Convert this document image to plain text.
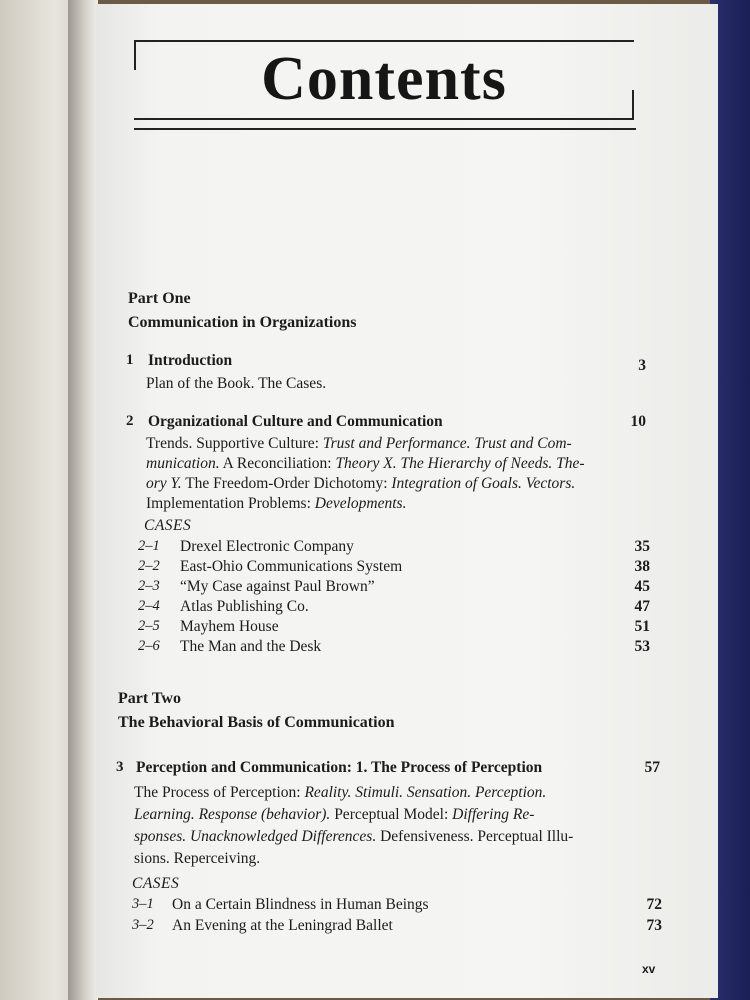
Contents
Part One
Communication in Organizations
1 Introduction	3
Plan of the Book. The Cases.
2 Organizational Culture and Communication	10
Trends. Supportive Culture: Trust and Performance. Trust and Com-
munication. A Reconciliation: Theory X. The Hierarchy of Needs. The-
ory Y. The Freedom-Order Dichotomy: Integration of Goals. Vectors.
Implementation Problems: Developments.
CASES
2–1 Drexel Electronic Company	35
2–2 East-Ohio Communications System	38
2–3 “My Case against Paul Brown”	45
2–4 Atlas Publishing Co.	47
2–5 Mayhem House	51
2–6 The Man and the Desk	53
Part Two
The Behavioral Basis of Communication
3 Perception and Communication: 1. The Process of Perception	57
The Process of Perception: Reality. Stimuli. Sensation. Perception.
Learning. Response (behavior). Perceptual Model: Differing Re-
sponses. Unacknowledged Differences. Defensiveness. Perceptual Illu-
sions. Reperceiving.
CASES
3–1 On a Certain Blindness in Human Beings	72
3–2 An Evening at the Leningrad Ballet	73
xv
